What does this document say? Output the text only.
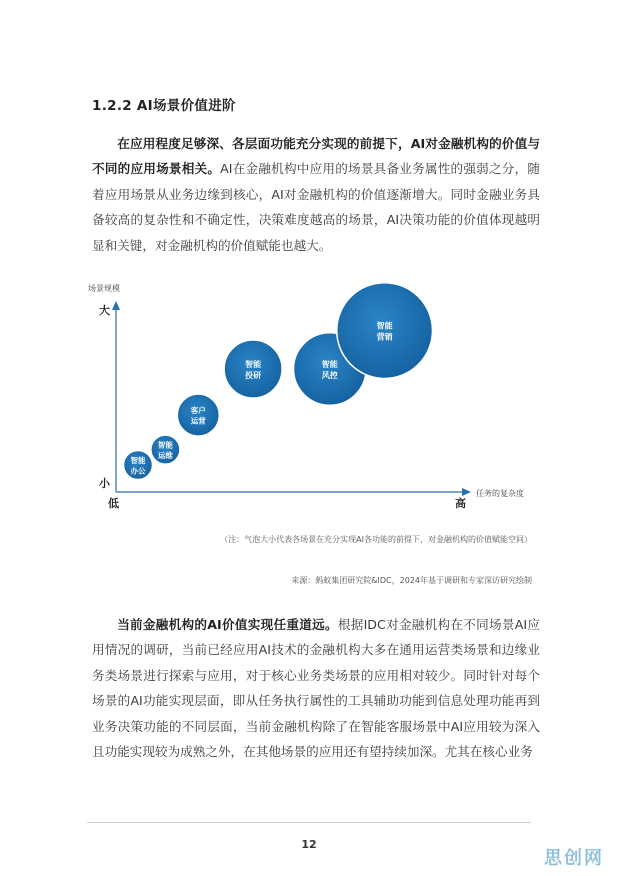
1.2.2 AI场景价值进阶
在应用程度足够深、各层面功能充分实现的前提下，AI对金融机构的价值与不同的应用场景相关。AI在金融机构中应用的场景具备业务属性的强弱之分，随着应用场景从业务边缘到核心，AI对金融机构的价值逐渐增大。同时金融业务具备较高的复杂性和不确定性，决策难度越高的场景，AI决策功能的价值体现越明显和关键，对金融机构的价值赋能也越大。
场景规模
大
小
低	高
任务的复杂度
智能
办公
智能
运维
客户
运营
智能
投研
智能
风控
智能
营销
（注：气泡大小代表各场景在充分实现AI各功能的前提下，对金融机构的价值赋能空间）
来源：蚂蚁集团研究院&IDC，2024年基于调研和专家深访研究绘制
当前金融机构的AI价值实现任重道远。根据IDC对金融机构在不同场景AI应用情况的调研，当前已经应用AI技术的金融机构大多在通用运营类场景和边缘业务类场景进行探索与应用，对于核心业务类场景的应用相对较少。同时针对每个场景的AI功能实现层面，即从任务执行属性的工具辅助功能到信息处理功能再到业务决策功能的不同层面，当前金融机构除了在智能客服场景中AI应用较为深入且功能实现较为成熟之外，在其他场景的应用还有望持续加深。尤其在核心业务
12
思创网
